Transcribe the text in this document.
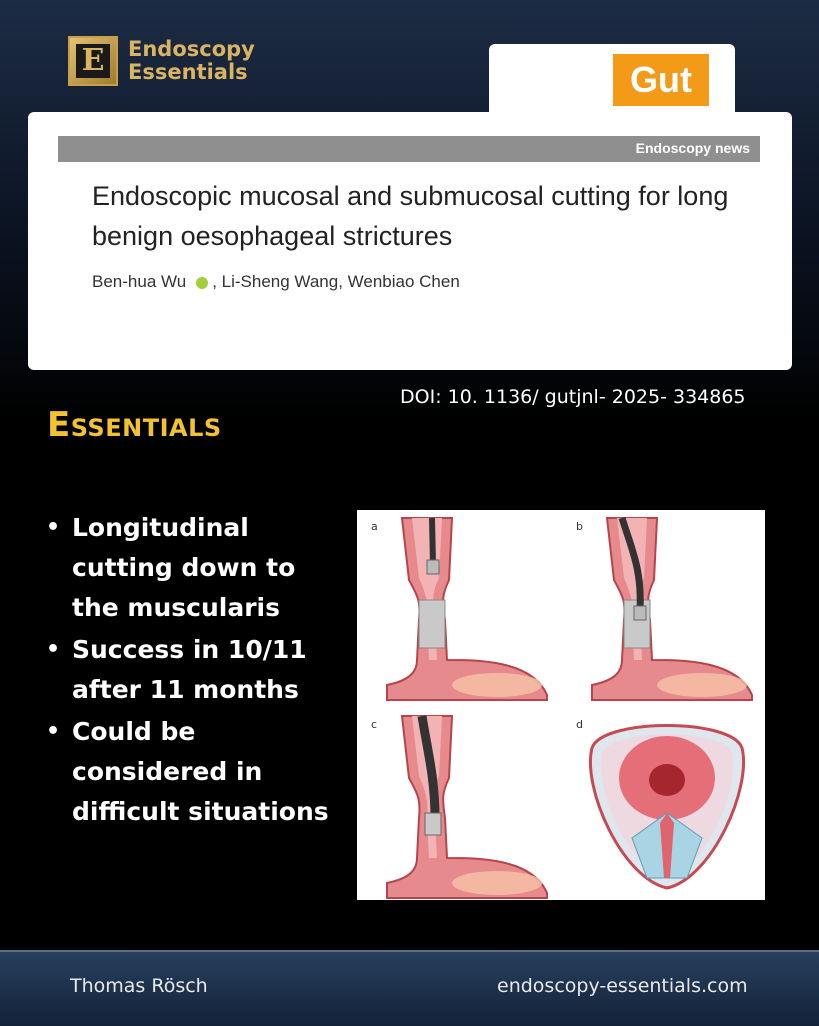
E Endoscopy
Essentials	Gut
Endoscopy news
Endoscopic mucosal and submucosal cutting for long benign oesophageal strictures
Ben-hua Wu , Li-Sheng Wang, Wenbiao Chen
DOI: 10. 1136/ gutjnl- 2025- 334865
Essentials
• Longitudinal cutting down to the muscularis
• Success in 10/11 after 11 months
• Could be considered in difficult situations
a	b
c	d
Thomas Rösch	endoscopy-essentials.com
